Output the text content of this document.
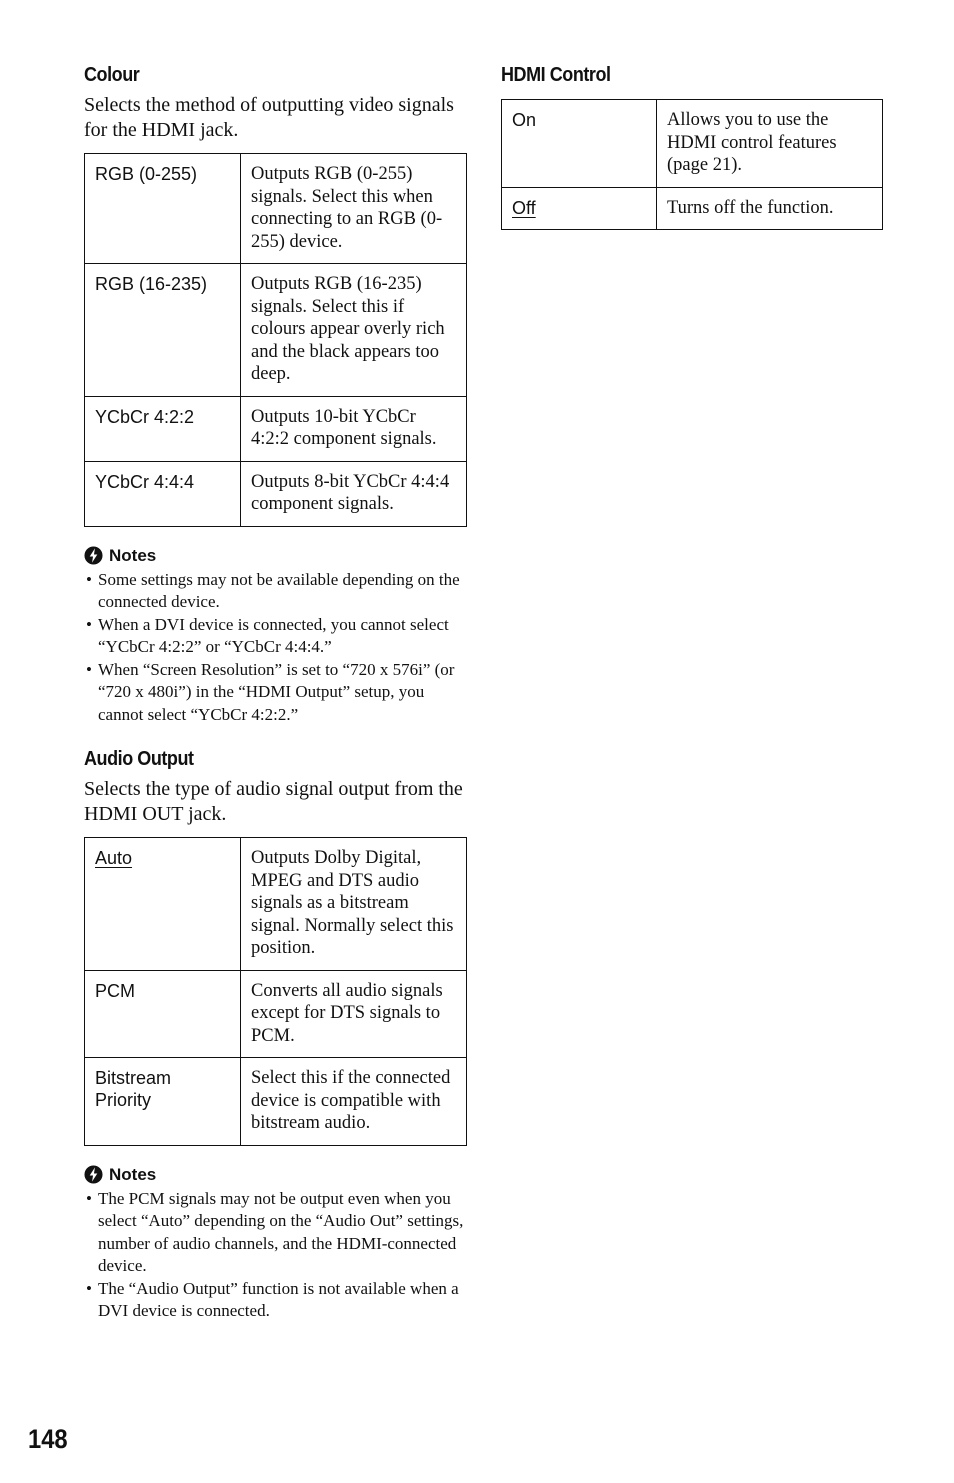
Colour

Selects the method of outputting video signals for the HDMI jack.

RGB (0-255)	Outputs RGB (0-255) signals. Select this when connecting to an RGB (0-255) device.
RGB (16-235)	Outputs RGB (16-235) signals. Select this if colours appear overly rich and the black appears too deep.
YCbCr 4:2:2	Outputs 10-bit YCbCr 4:2:2 component signals.
YCbCr 4:4:4	Outputs 8-bit YCbCr 4:4:4 component signals.
Notes
• Some settings may not be available depending on the connected device.
• When a DVI device is connected, you cannot select “YCbCr 4:2:2” or “YCbCr 4:4:4.”
• When “Screen Resolution” is set to “720 x 576i” (or “720 x 480i”) in the “HDMI Output” setup, you cannot select “YCbCr 4:2:2.”
Audio Output

Selects the type of audio signal output from the HDMI OUT jack.

Auto	Outputs Dolby Digital, MPEG and DTS audio signals as a bitstream signal. Normally select this position.
PCM	Converts all audio signals except for DTS signals to PCM.
Bitstream Priority	Select this if the connected device is compatible with bitstream audio.
Notes
• The PCM signals may not be output even when you select “Auto” depending on the “Audio Out” settings, number of audio channels, and the HDMI-connected device.
• The “Audio Output” function is not available when a DVI device is connected.
HDMI Control
On	Allows you to use the HDMI control features (page 21).
Off	Turns off the function.
148
